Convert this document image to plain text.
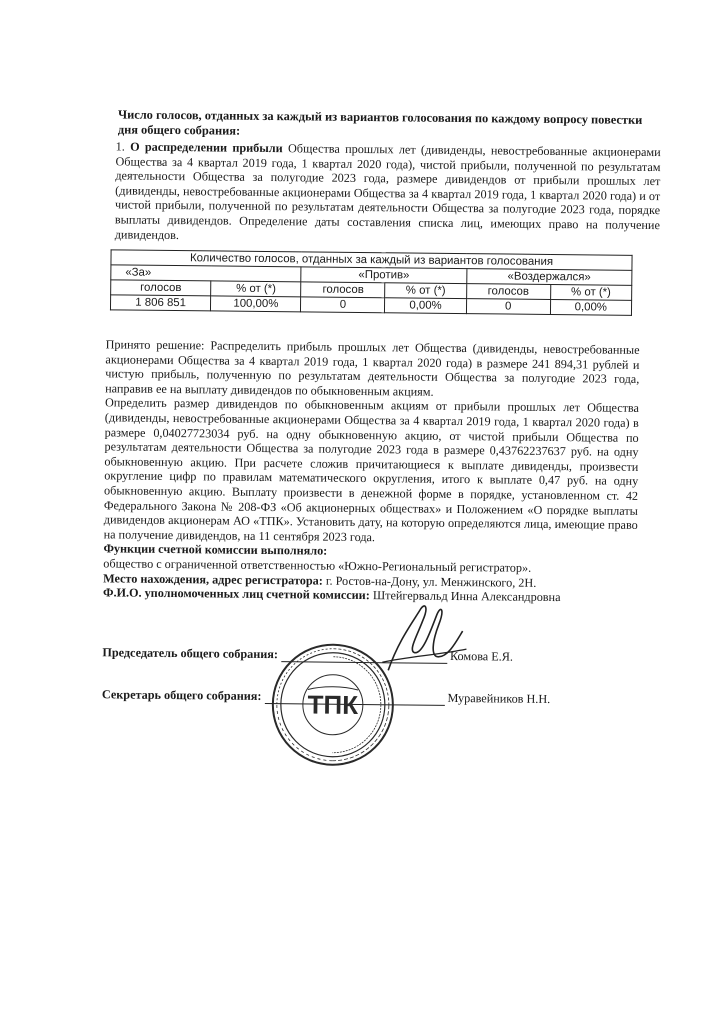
Число голосов, отданных за каждый из вариантов голосования по каждому вопросу повестки дня общего собрания:
1. О распределении прибыли Общества прошлых лет (дивиденды, невостребованные акционерами Общества за 4 квартал 2019 года, 1 квартал 2020 года), чистой прибыли, полученной по результатам деятельности Общества за полугодие 2023 года, размере дивидендов от прибыли прошлых лет (дивиденды, невостребованные акционерами Общества за 4 квартал 2019 года, 1 квартал 2020 года) и от чистой прибыли, полученной по результатам деятельности Общества за полугодие 2023 года, порядке выплаты дивидендов. Определение даты составления списка лиц, имеющих право на получение дивидендов.
Количество голосов, отданных за каждый из вариантов голосования					
«За»		«Против»		«Воздержался»	
голосов	% от (*)	голосов	% от (*)	голосов	% от (*)
1 806 851	100,00%	0	0,00%	0	0,00%

Принято решение: Распределить прибыль прошлых лет Общества (дивиденды, невостребованные акционерами Общества за 4 квартал 2019 года, 1 квартал 2020 года) в размере 241 894,31 рублей и чистую прибыль, полученную по результатам деятельности Общества за полугодие 2023 года, направив ее на выплату дивидендов по обыкновенным акциям.

Определить размер дивидендов по обыкновенным акциям от прибыли прошлых лет Общества (дивиденды, невостребованные акционерами Общества за 4 квартал 2019 года, 1 квартал 2020 года) в размере 0,04027723034 руб. на одну обыкновенную акцию, от чистой прибыли Общества по результатам деятельности Общества за полугодие 2023 года в размере 0,43762237637 руб. на одну обыкновенную акцию. При расчете сложив причитающиеся к выплате дивиденды, произвести округление цифр по правилам математического округления, итого к выплате 0,47 руб. на одну обыкновенную акцию. Выплату произвести в денежной форме в порядке, установленном ст. 42 Федерального Закона № 208-ФЗ «Об акционерных обществах» и Положением «О порядке выплаты дивидендов акционерам АО «ТПК». Установить дату, на которую определяются лица, имеющие право на получение дивидендов, на 11 сентября 2023 года.

Функции счетной комиссии выполняло:

общество с ограниченной ответственностью «Южно-Региональный регистратор».

Место нахождения, адрес регистратора: г. Ростов-на-Дону, ул. Менжинского, 2Н.

Ф.И.О. уполномоченных лиц счетной комиссии: Штейгервальд Инна Александровна

Председатель общего собрания:	Комова Е.Я.
Секретарь общего собрания:	Муравейников Н.Н.
ТПК
